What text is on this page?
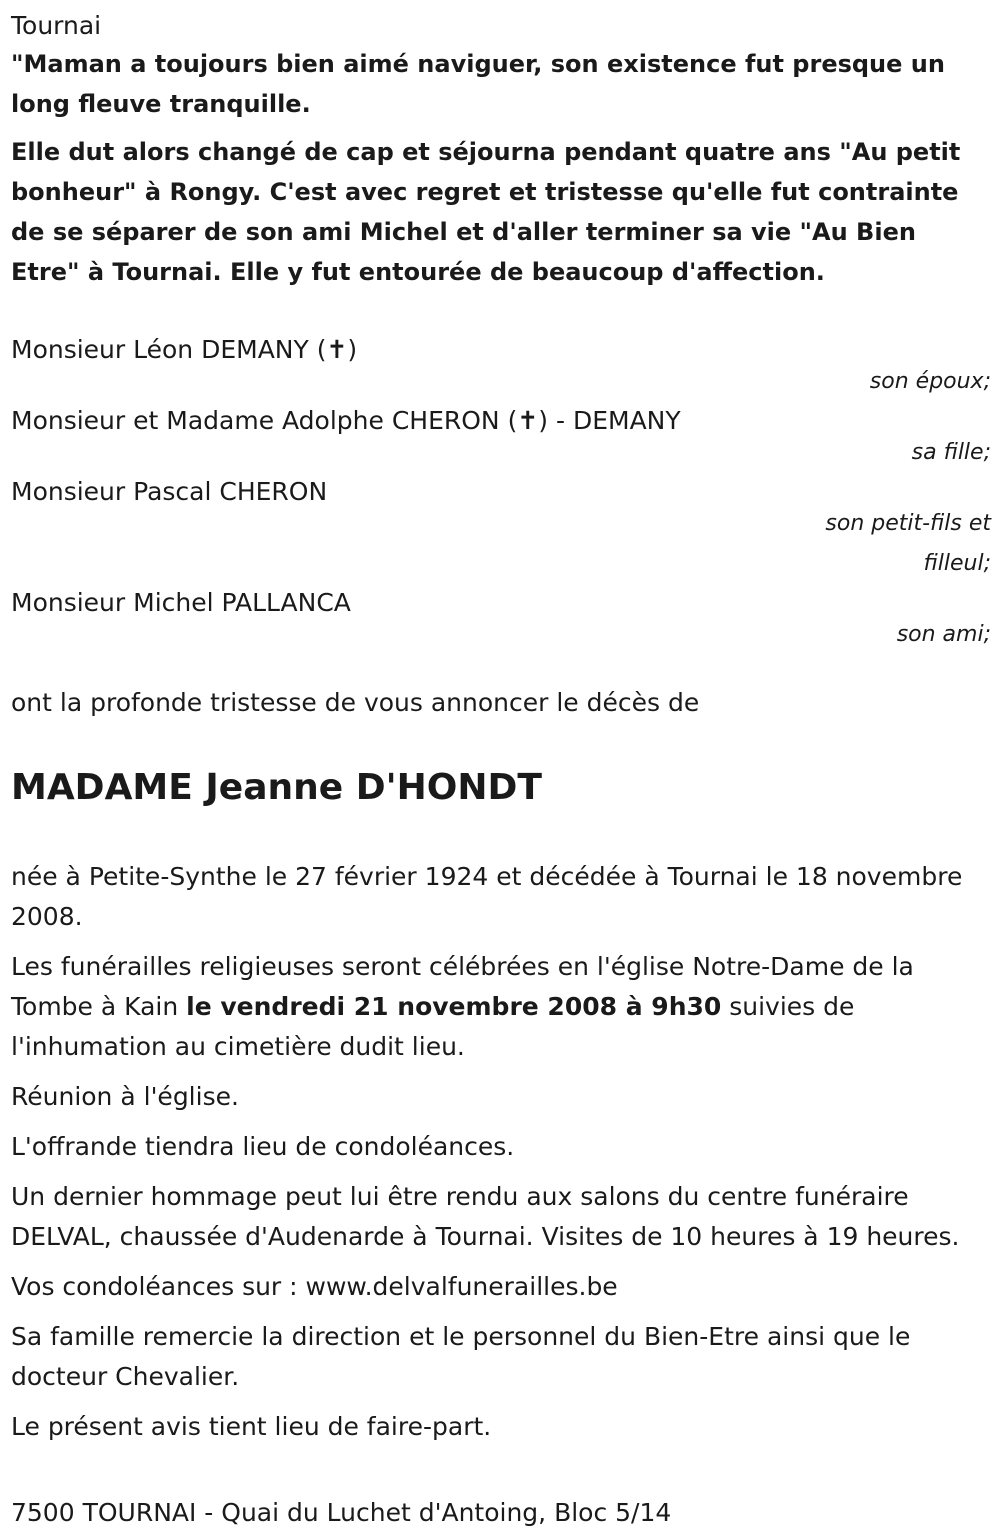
Tournai

"Maman a toujours bien aimé naviguer, son existence fut presque un long fleuve tranquille.

Elle dut alors changé de cap et séjourna pendant quatre ans "Au petit bonheur" à Rongy. C'est avec regret et tristesse qu'elle fut contrainte de se séparer de son ami Michel et d'aller terminer sa vie "Au Bien Etre" à Tournai. Elle y fut entourée de beaucoup d'affection.

Monsieur Léon DEMANY (✝)

son époux;

Monsieur et Madame Adolphe CHERON (✝) - DEMANY

sa fille;

Monsieur Pascal CHERON

son petit-fils et filleul;

Monsieur Michel PALLANCA

son ami;

ont la profonde tristesse de vous annoncer le décès de

MADAME Jeanne D'HONDT

née à Petite-Synthe le 27 février 1924 et décédée à Tournai le 18 novembre 2008.

Les funérailles religieuses seront célébrées en l'église Notre-Dame de la Tombe à Kain le vendredi 21 novembre 2008 à 9h30 suivies de l'inhumation au cimetière dudit lieu.

Réunion à l'église.

L'offrande tiendra lieu de condoléances.

Un dernier hommage peut lui être rendu aux salons du centre funéraire DELVAL, chaussée d'Audenarde à Tournai. Visites de 10 heures à 19 heures.

Vos condoléances sur : www.delvalfunerailles.be

Sa famille remercie la direction et le personnel du Bien-Etre ainsi que le docteur Chevalier.

Le présent avis tient lieu de faire-part.

7500 TOURNAI - Quai du Luchet d'Antoing, Bloc 5/14
